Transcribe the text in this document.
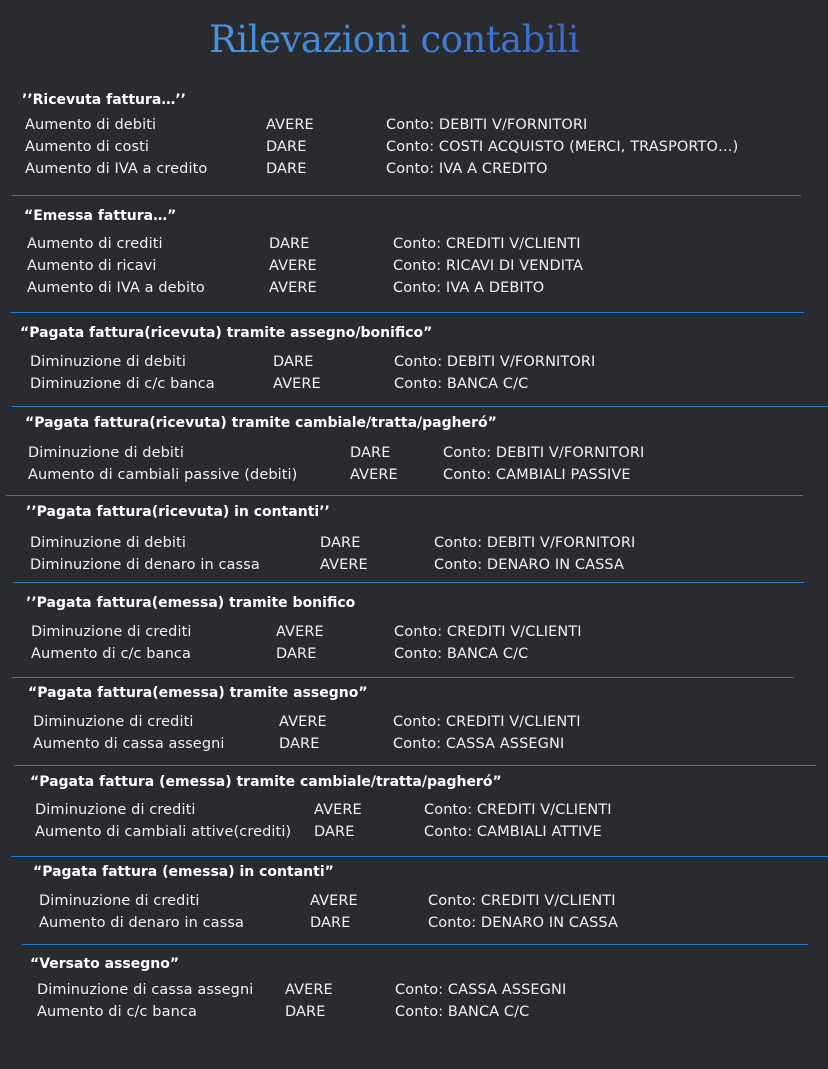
Rilevazioni contabili
’’Ricevuta fattura…’’
Aumento di debiti	AVERE	Conto: DEBITI V/FORNITORI
Aumento di costi	DARE	Conto: COSTI ACQUISTO (MERCI, TRASPORTO…)
Aumento di IVA a credito	DARE	Conto: IVA A CREDITO
“Emessa fattura…”
Aumento di crediti	DARE	Conto: CREDITI V/CLIENTI
Aumento di ricavi	AVERE	Conto: RICAVI DI VENDITA
Aumento di IVA a debito	AVERE	Conto: IVA A DEBITO
“Pagata fattura(ricevuta) tramite assegno/bonifico”
Diminuzione di debiti	DARE	Conto: DEBITI V/FORNITORI
Diminuzione di c/c banca	AVERE	Conto: BANCA C/C
“Pagata fattura(ricevuta) tramite cambiale/tratta/pagheró”
Diminuzione di debiti	DARE	Conto: DEBITI V/FORNITORI
Aumento di cambiali passive (debiti)	AVERE	Conto: CAMBIALI PASSIVE
’’Pagata fattura(ricevuta) in contanti’’
Diminuzione di debiti	DARE	Conto: DEBITI V/FORNITORI
Diminuzione di denaro in cassa	AVERE	Conto: DENARO IN CASSA
’’Pagata fattura(emessa) tramite bonifico
Diminuzione di crediti	AVERE	Conto: CREDITI V/CLIENTI
Aumento di c/c banca	DARE	Conto: BANCA C/C
“Pagata fattura(emessa) tramite assegno”
Diminuzione di crediti	AVERE	Conto: CREDITI V/CLIENTI
Aumento di cassa assegni	DARE	Conto: CASSA ASSEGNI
“Pagata fattura (emessa) tramite cambiale/tratta/pagheró”
Diminuzione di crediti	AVERE	Conto: CREDITI V/CLIENTI
Aumento di cambiali attive(crediti) DARE	Conto: CAMBIALI ATTIVE
“Pagata fattura (emessa) in contanti”
Diminuzione di crediti	AVERE	Conto: CREDITI V/CLIENTI
Aumento di denaro in cassa	DARE	Conto: DENARO IN CASSA
“Versato assegno”
Diminuzione di cassa assegni AVERE	Conto: CASSA ASSEGNI
Aumento di c/c banca	DARE	Conto: BANCA C/C
